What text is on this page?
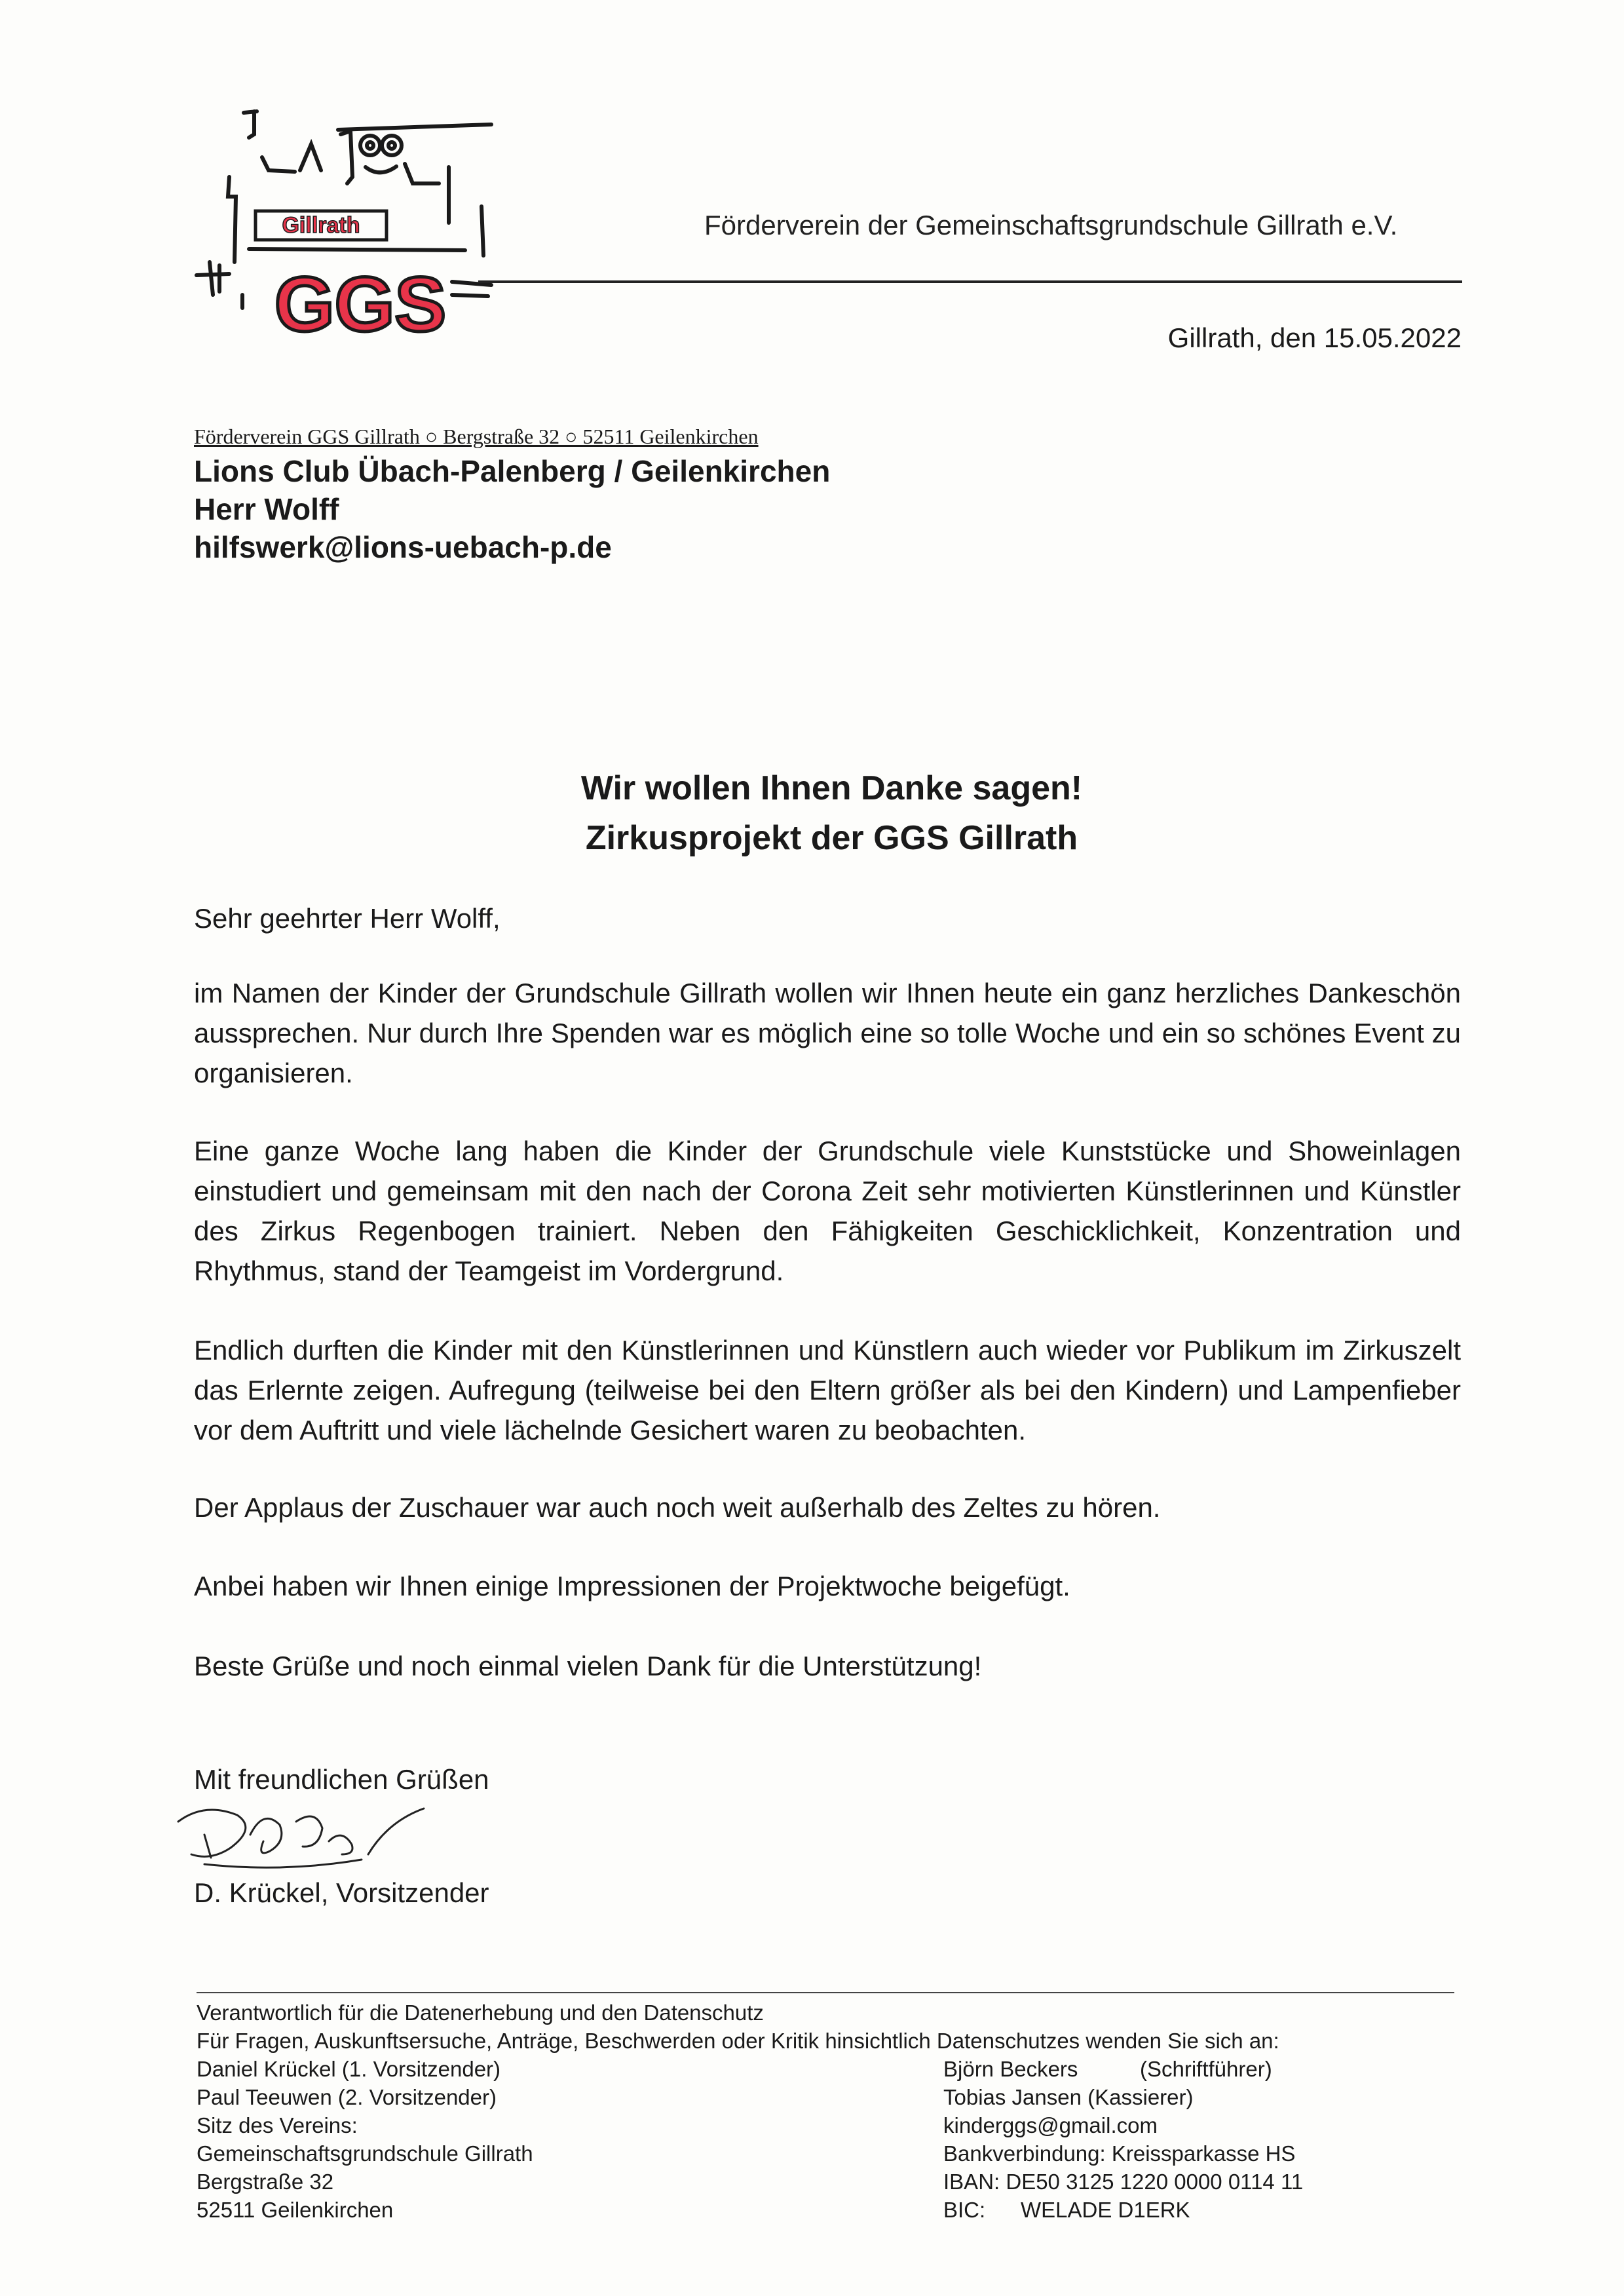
Gillrath
GGS
Förderverein der Gemeinschaftsgrundschule Gillrath e.V.
Gillrath, den 15.05.2022
Förderverein GGS Gillrath ○ Bergstraße 32 ○ 52511 Geilenkirchen
Lions Club Übach-Palenberg / Geilenkirchen
Herr Wolff
hilfswerk@lions-uebach-p.de
Wir wollen Ihnen Danke sagen!
Zirkusprojekt der GGS Gillrath
Sehr geehrter Herr Wolff,
im Namen der Kinder der Grundschule Gillrath wollen wir Ihnen heute ein ganz herzliches Dankeschön aussprechen. Nur durch Ihre Spenden war es möglich eine so tolle Woche und ein so schönes Event zu organisieren.
Eine ganze Woche lang haben die Kinder der Grundschule viele Kunststücke und Showeinlagen einstudiert und gemeinsam mit den nach der Corona Zeit sehr motivierten Künstlerinnen und Künstler des Zirkus Regenbogen trainiert. Neben den Fähigkeiten Geschicklichkeit, Konzentration und Rhythmus, stand der Teamgeist im Vordergrund.
Endlich durften die Kinder mit den Künstlerinnen und Künstlern auch wieder vor Publikum im Zirkuszelt das Erlernte zeigen. Aufregung (teilweise bei den Eltern größer als bei den Kindern) und Lampenfieber vor dem Auftritt und viele lächelnde Gesichert waren zu beobachten.
Der Applaus der Zuschauer war auch noch weit außerhalb des Zeltes zu hören.
Anbei haben wir Ihnen einige Impressionen der Projektwoche beigefügt.
Beste Grüße und noch einmal vielen Dank für die Unterstützung!
Mit freundlichen Grüßen
D. Krückel, Vorsitzender
Verantwortlich für die Datenerhebung und den Datenschutz
Für Fragen, Auskunftsersuche, Anträge, Beschwerden oder Kritik hinsichtlich Datenschutzes wenden Sie sich an:
Daniel Krückel (1. Vorsitzender)
Paul Teeuwen (2. Vorsitzender)
Sitz des Vereins:
Gemeinschaftsgrundschule Gillrath
Bergstraße 32
52511 Geilenkirchen
Björn Beckers	(Schriftführer)
Tobias Jansen (Kassierer)
kinderggs@gmail.com
Bankverbindung: Kreissparkasse HS
IBAN: DE50 3125 1220 0000 0114 11
BIC: WELADE D1ERK
